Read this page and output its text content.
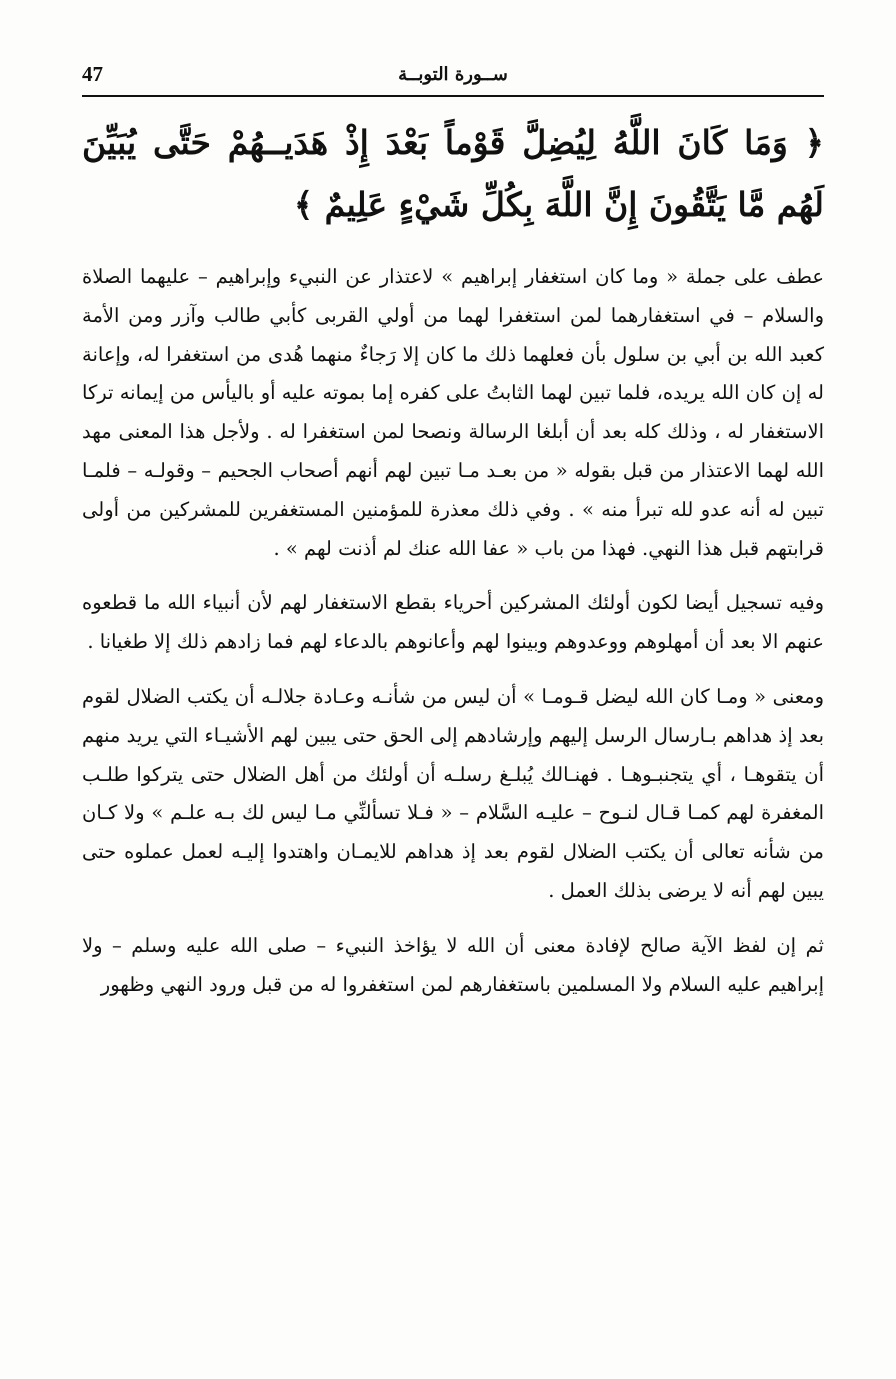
47	ســورة التوبــة

﴿ وَمَا كَانَ اللَّهُ لِيُضِلَّ قَوْماً بَعْدَ إِذْ هَدَيــهُمْ حَتَّى يُبَيِّنَ لَهُم مَّا يَتَّقُونَ إِنَّ اللَّهَ بِكُلِّ شَيْءٍ عَلِيمٌ ﴾

عطف على جملة « وما كان استغفار إبراهيم » لاعتذار عن النبيء وإبراهيم – عليهما الصلاة والسلام – في استغفارهما لمن استغفرا لهما من أولي القربى كأبي طالب وآزر ومن الأمة كعبد الله بن أبي بن سلول بأن فعلهما ذلك ما كان إلا رَجاءٌ منهما هُدى من استغفرا له، وإعانة له إن كان الله يريده، فلما تبين لهما الثابتُ على كفره إما بموته عليه أو باليأس من إيمانه تركا الاستغفار له ، وذلك كله بعد أن أبلغا الرسالة ونصحا لمن استغفرا له . ولأجل هذا المعنى مهد الله لهما الاعتذار من قبل بقوله « من بعـد مـا تبين لهم أنهم أصحاب الجحيم – وقولـه – فلمـا تبين له أنه عدو لله تبرأ منه » . وفي ذلك معذرة للمؤمنين المستغفرين للمشركين من أولى قرابتهم قبل هذا النهي. فهذا من باب « عفا الله عنك لم أذنت لهم » .

وفيه تسجيل أيضا لكون أولئك المشركين أحرياء بقطع الاستغفار لهم لأن أنبياء الله ما قطعوه عنهم الا بعد أن أمهلوهم ووعدوهم وبينوا لهم وأعانوهم بالدعاء لهم فما زادهم ذلك إلا طغيانا .

ومعنى « ومـا كان الله ليضل قـومـا » أن ليس من شأنـه وعـادة جلالـه أن يكتب الضلال لقوم بعد إذ هداهم بـارسال الرسل إليهم وإرشادهم إلى الحق حتى يبين لهم الأشيـاء التي يريد منهم أن يتقوهـا ، أي يتجنبـوهـا . فهنـالك يُبلـغ رسلـه أن أولئك من أهل الضلال حتى يتركوا طلـب المغفرة لهم كمـا قـال لنـوح – عليـه السَّلام – « فـلا تسألنِّي مـا ليس لك بـه علـم » ولا كـان من شأنه تعالى أن يكتب الضلال لقوم بعد إذ هداهم للايمـان واهتدوا إليـه لعمل عملوه حتى يبين لهم أنه لا يرضى بذلك العمل .

ثم إن لفظ الآية صالح لإفادة معنى أن الله لا يؤاخذ النبيء – صلى الله عليه وسلم – ولا إبراهيم عليه السلام ولا المسلمين باستغفارهم لمن استغفروا له من قبل ورود النهي وظهور
